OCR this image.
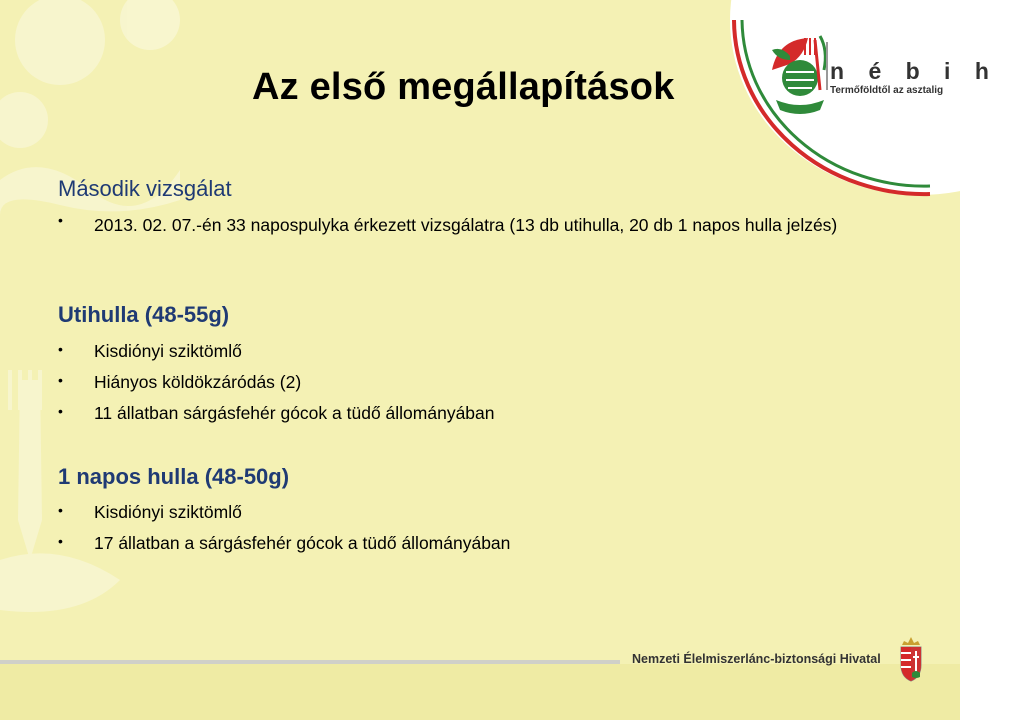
n é b i h
Termőföldtől az asztalig
Az első megállapítások
Második vizsgálat
• 2013. 02. 07.-én 33 napospulyka érkezett vizsgálatra (13 db utihulla, 20 db 1 napos hulla jelzés)
Utihulla (48-55g)
• Kisdiónyi sziktömlő
• Hiányos köldökzáródás (2)
• 11 állatban sárgásfehér gócok a tüdő állományában
1 napos hulla (48-50g)
• Kisdiónyi sziktömlő
• 17 állatban a sárgásfehér gócok a tüdő állományában
Nemzeti Élelmiszerlánc-biztonsági Hivatal
